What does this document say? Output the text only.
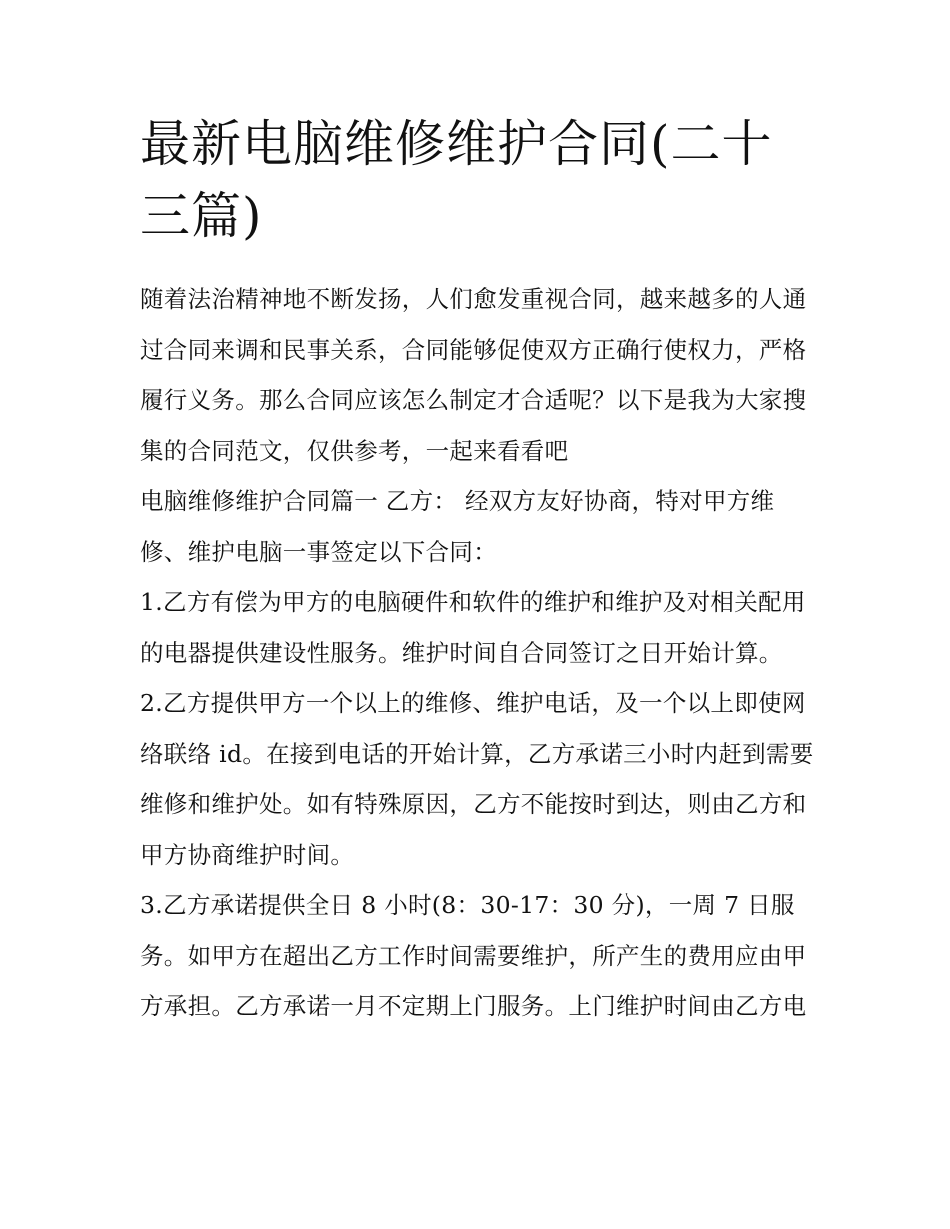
最新电脑维修维护合同(二十三篇)

随着法治精神地不断发扬，人们愈发重视合同，越来越多的人通过合同来调和民事关系，合同能够促使双方正确行使权力，严格履行义务。那么合同应该怎么制定才合适呢？以下是我为大家搜集的合同范文，仅供参考，一起来看看吧

电脑维修维护合同篇一 乙方： 经双方友好协商，特对甲方维修、维护电脑一事签定以下合同：

1.乙方有偿为甲方的电脑硬件和软件的维护和维护及对相关配用的电器提供建设性服务。维护时间自合同签订之日开始计算。

2.乙方提供甲方一个以上的维修、维护电话，及一个以上即使网络联络 id。在接到电话的开始计算，乙方承诺三小时内赶到需要维修和维护处。如有特殊原因，乙方不能按时到达，则由乙方和甲方协商维护时间。

3.乙方承诺提供全日 8 小时(8：30-17：30 分)，一周 7 日服务。如甲方在超出乙方工作时间需要维护，所产生的费用应由甲方承担。乙方承诺一月不定期上门服务。上门维护时间由乙方电
